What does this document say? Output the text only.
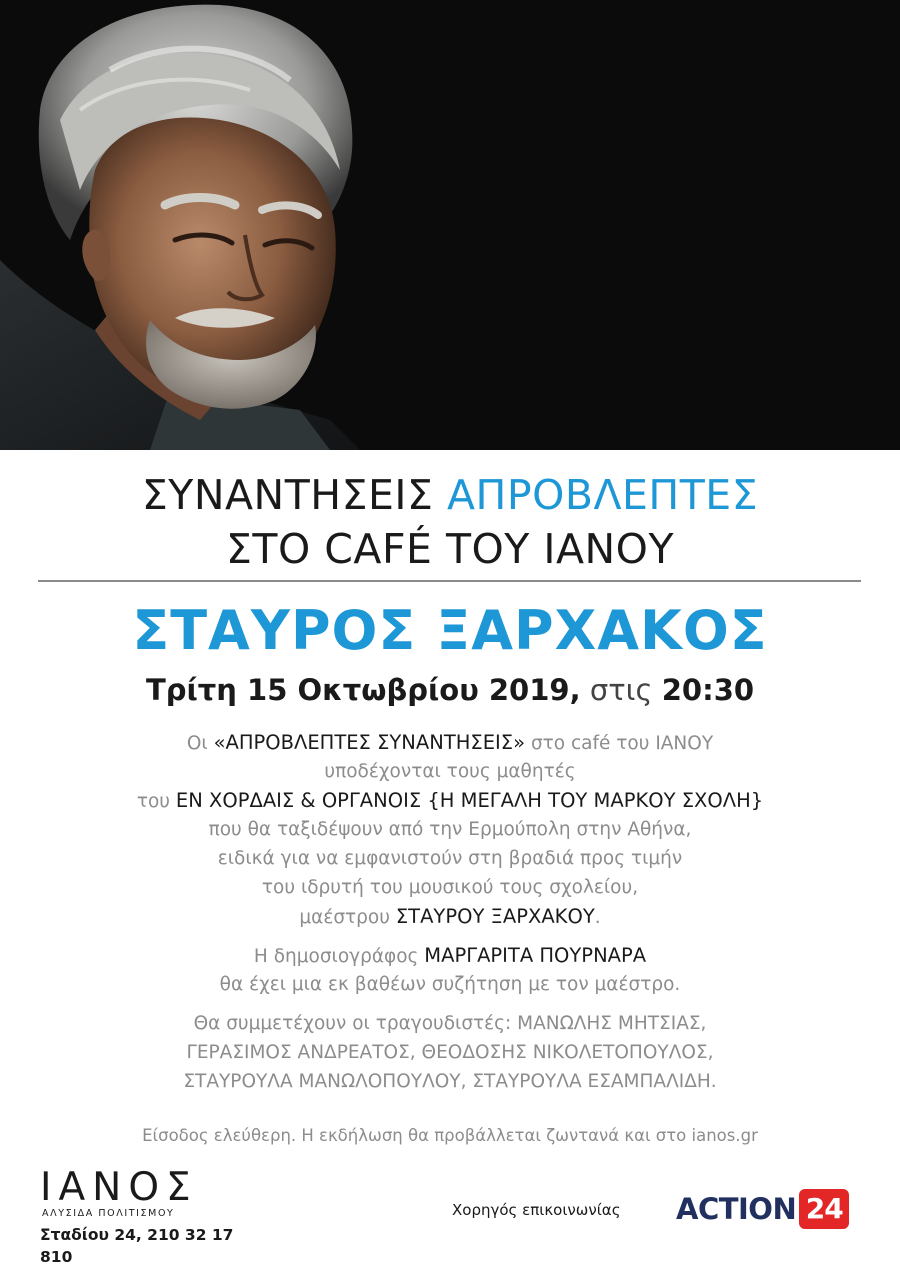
ΣΥΝΑΝΤΗΣΕΙΣ ΑΠΡΟΒΛΕΠΤΕΣ
ΣΤΟ CAFÉ ΤΟΥ ΙΑΝΟΥ
ΣΤΑΥΡΟΣ ΞΑΡΧΑΚΟΣ
Τρίτη 15 Οκτωβρίου 2019, στις 20:30
Οι «ΑΠΡΟΒΛΕΠΤΕΣ ΣΥΝΑΝΤΗΣΕΙΣ» στο café του ΙΑΝΟΥ
υποδέχονται τους μαθητές
του ΕΝ ΧΟΡΔΑΙΣ & ΟΡΓΑΝΟΙΣ {Η ΜΕΓΑΛΗ ΤΟΥ ΜΑΡΚΟΥ ΣΧΟΛΗ}
που θα ταξιδέψουν από την Ερμούπολη στην Αθήνα,
ειδικά για να εμφανιστούν στη βραδιά προς τιμήν
του ιδρυτή του μουσικού τους σχολείου,
μαέστρου ΣΤΑΥΡΟΥ ΞΑΡΧΑΚΟΥ.
Η δημοσιογράφος ΜΑΡΓΑΡΙΤΑ ΠΟΥΡΝΑΡΑ
θα έχει μια εκ βαθέων συζήτηση με τον μαέστρο.
Θα συμμετέχουν οι τραγουδιστές: ΜΑΝΩΛΗΣ ΜΗΤΣΙΑΣ,
ΓΕΡΑΣΙΜΟΣ ΑΝΔΡΕΑΤΟΣ, ΘΕΟΔΟΣΗΣ ΝΙΚΟΛΕΤΟΠΟΥΛΟΣ,
ΣΤΑΥΡΟΥΛΑ ΜΑΝΩΛΟΠΟΥΛΟΥ, ΣΤΑΥΡΟΥΛΑ ΕΣΑΜΠΑΛΙΔΗ.
Είσοδος ελεύθερη. Η εκδήλωση θα προβάλλεται ζωντανά και στο ianos.gr
ΙΑΝΟΣ
ΑΛΥΣΙΔΑ ΠΟΛΙΤΙΣΜΟΥ
Σταδίου 24, 210 32 17 810
Χορηγός επικοινωνίας ACTION 24
